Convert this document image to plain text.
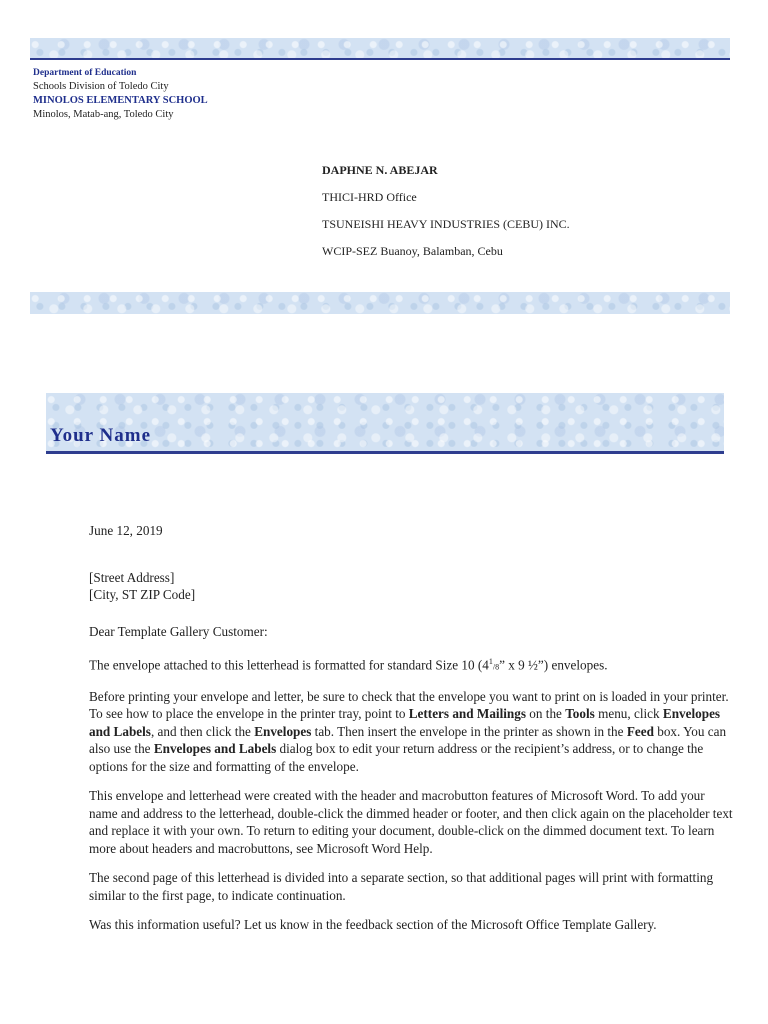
Department of Education
Schools Division of Toledo City
MINOLOS ELEMENTARY SCHOOL
Minolos, Matab-ang, Toledo City
DAPHNE N. ABEJAR
THICI-HRD Office
TSUNEISHI HEAVY INDUSTRIES (CEBU) INC.
WCIP-SEZ Buanoy, Balamban, Cebu
Your Name

June 12, 2019

[Street Address]
[City, ST ZIP Code]

Dear Template Gallery Customer:

The envelope attached to this letterhead is formatted for standard Size 10 ($4^1/8$” x 9 ½”) envelopes.

Before printing your envelope and letter, be sure to check that the envelope you want to print on is loaded in your printer. To see how to place the envelope in the printer tray, point to Letters and Mailings on the Tools menu, click Envelopes and Labels, and then click the Envelopes tab. Then insert the envelope in the printer as shown in the Feed box. You can also use the Envelopes and Labels dialog box to edit your return address or the recipient’s address, or to change the options for the size and formatting of the envelope.

This envelope and letterhead were created with the header and macrobutton features of Microsoft Word. To add your name and address to the letterhead, double-click the dimmed header or footer, and then click again on the placeholder text and replace it with your own. To return to editing your document, double-click on the dimmed document text. To learn more about headers and macrobuttons, see Microsoft Word Help.

The second page of this letterhead is divided into a separate section, so that additional pages will print with formatting similar to the first page, to indicate continuation.

Was this information useful? Let us know in the feedback section of the Microsoft Office Template Gallery.
